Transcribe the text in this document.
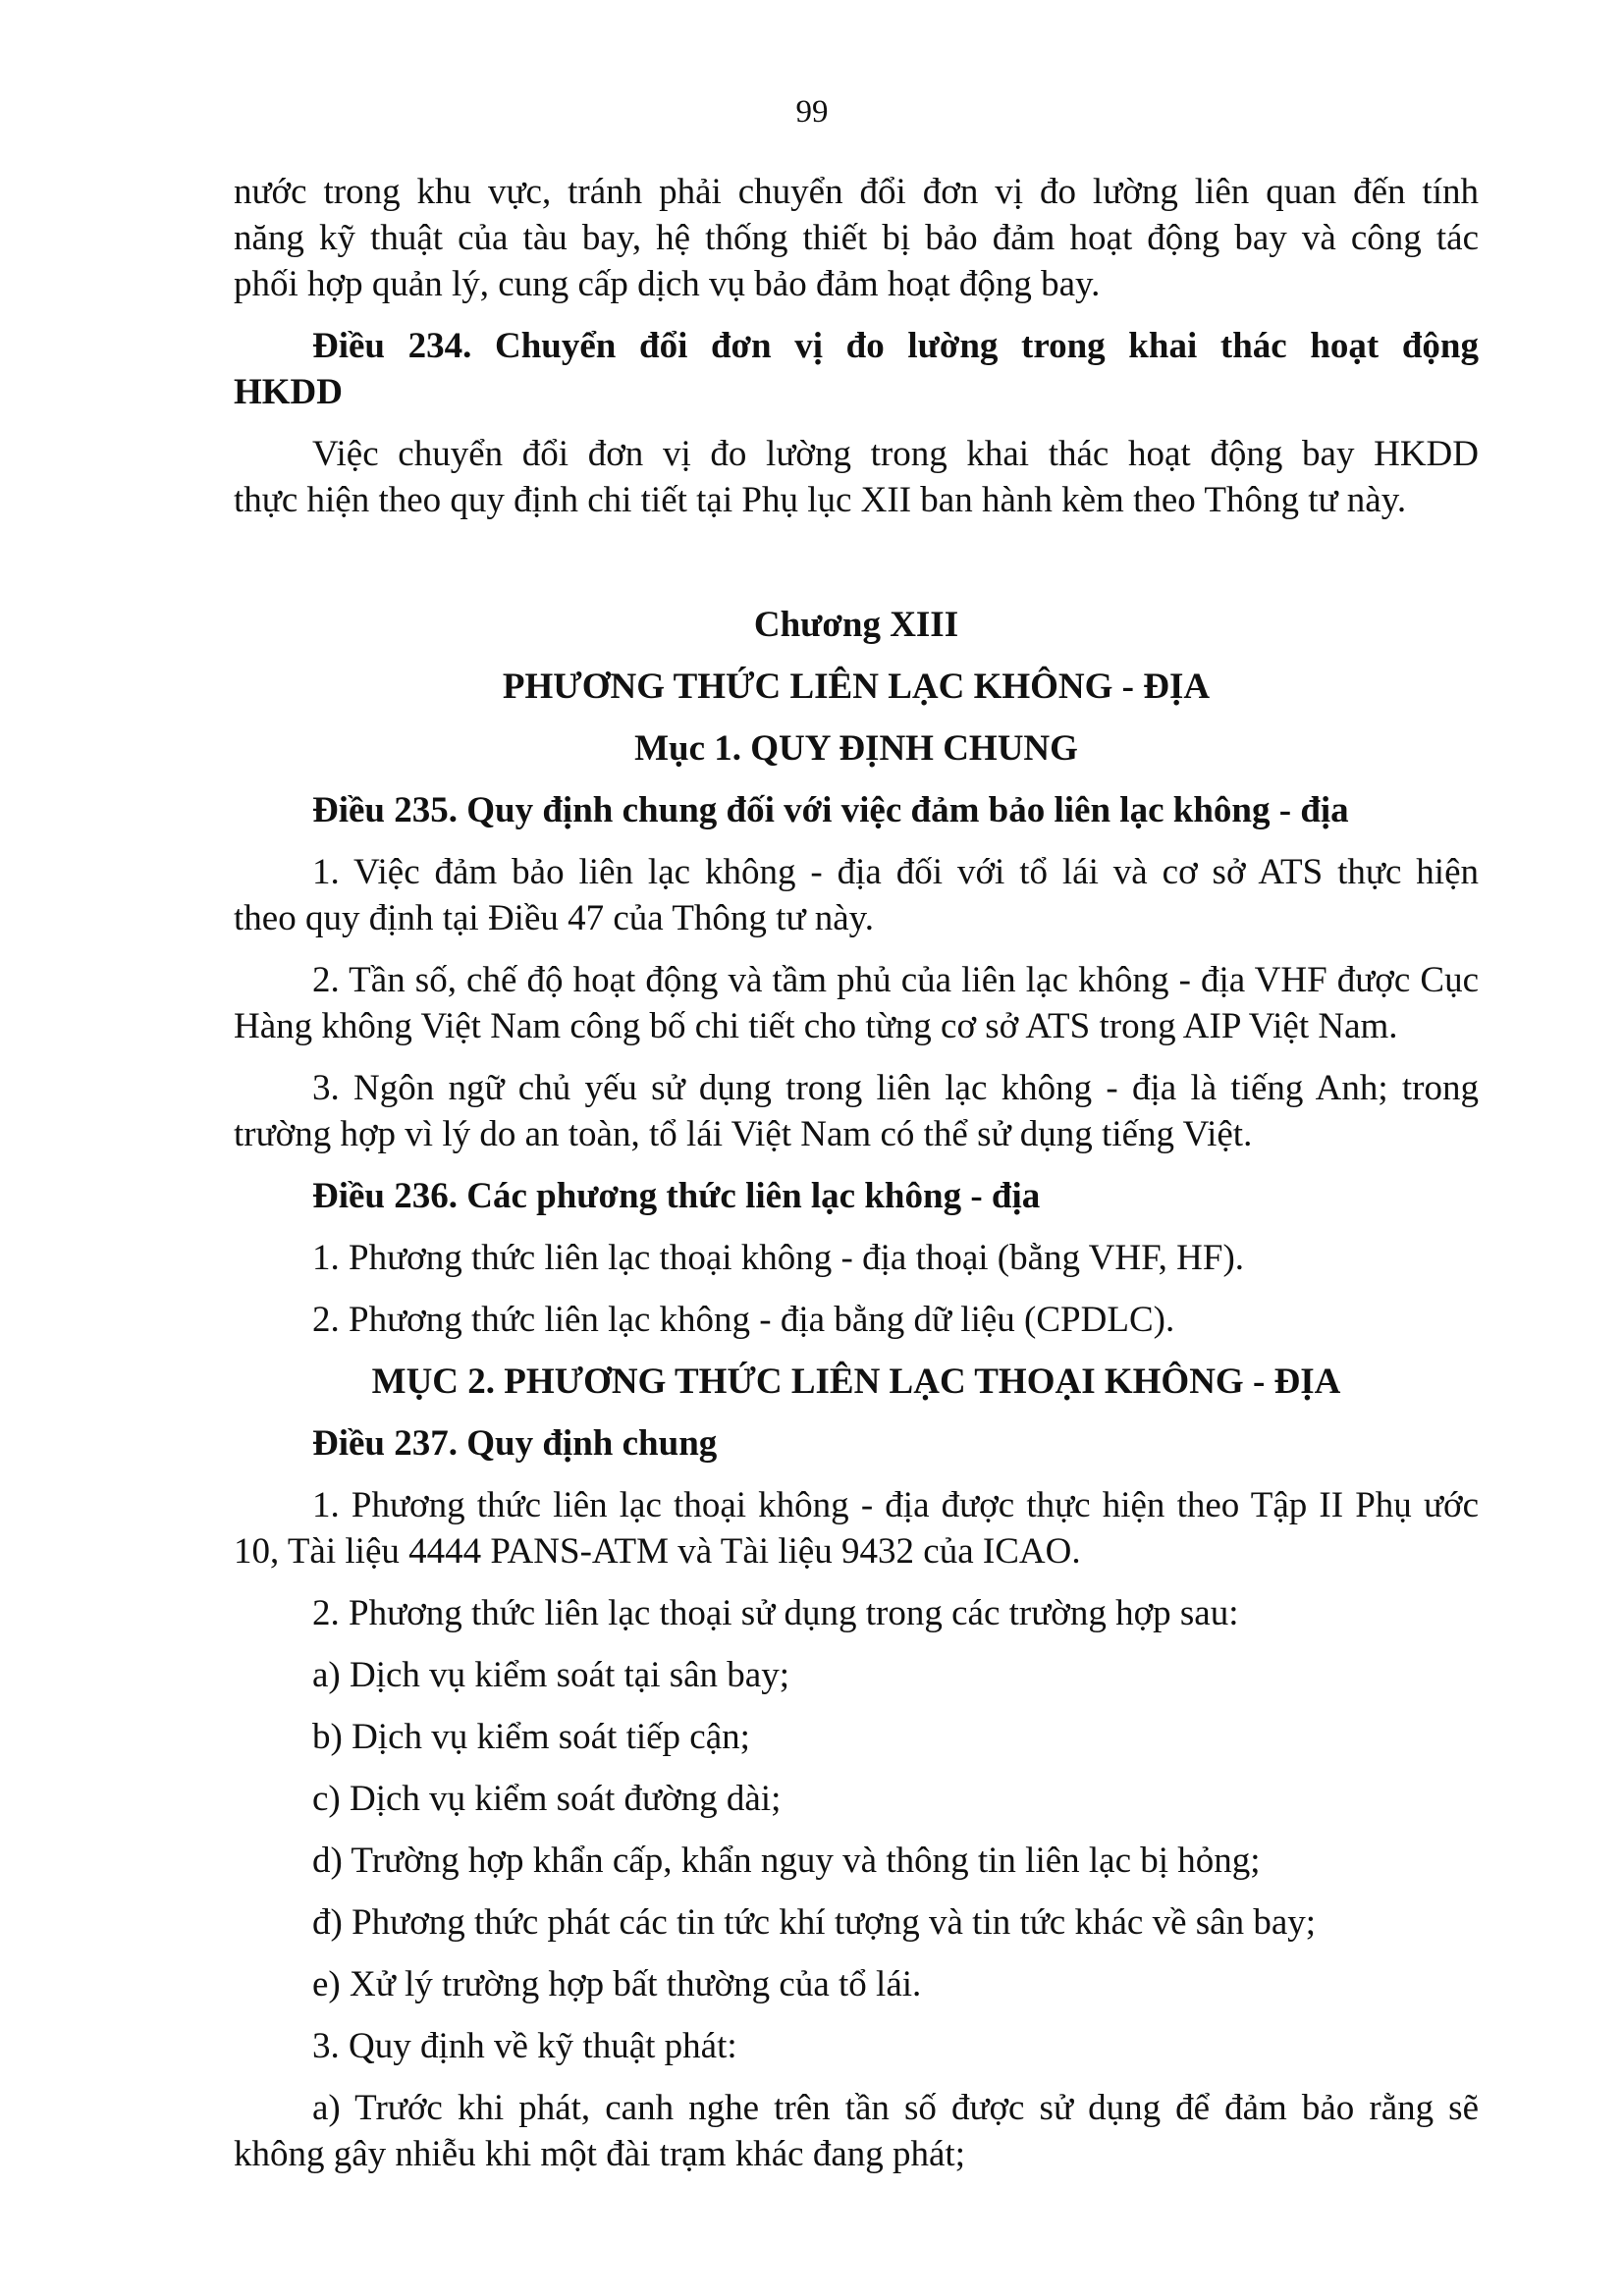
99

nước trong khu vực, tránh phải chuyển đổi đơn vị đo lường liên quan đến tính

năng kỹ thuật của tàu bay, hệ thống thiết bị bảo đảm hoạt động bay và công tác

phối hợp quản lý, cung cấp dịch vụ bảo đảm hoạt động bay.

Điều 234. Chuyển đổi đơn vị đo lường trong khai thác hoạt động

HKDD

Việc chuyển đổi đơn vị đo lường trong khai thác hoạt động bay HKDD

thực hiện theo quy định chi tiết tại Phụ lục XII ban hành kèm theo Thông tư này.

Chương XIII

PHƯƠNG THỨC LIÊN LẠC KHÔNG - ĐỊA

Mục 1. QUY ĐỊNH CHUNG

Điều 235. Quy định chung đối với việc đảm bảo liên lạc không - địa

1. Việc đảm bảo liên lạc không - địa đối với tổ lái và cơ sở ATS thực hiện

theo quy định tại Điều 47 của Thông tư này.

2. Tần số, chế độ hoạt động và tầm phủ của liên lạc không - địa VHF được Cục

Hàng không Việt Nam công bố chi tiết cho từng cơ sở ATS trong AIP Việt Nam.

3. Ngôn ngữ chủ yếu sử dụng trong liên lạc không - địa là tiếng Anh; trong

trường hợp vì lý do an toàn, tổ lái Việt Nam có thể sử dụng tiếng Việt.

Điều 236. Các phương thức liên lạc không - địa

1. Phương thức liên lạc thoại không - địa thoại (bằng VHF, HF).

2. Phương thức liên lạc không - địa bằng dữ liệu (CPDLC).

MỤC 2. PHƯƠNG THỨC LIÊN LẠC THOẠI KHÔNG - ĐỊA

Điều 237. Quy định chung

1. Phương thức liên lạc thoại không - địa được thực hiện theo Tập II Phụ ước

10, Tài liệu 4444 PANS-ATM và Tài liệu 9432 của ICAO.

2. Phương thức liên lạc thoại sử dụng trong các trường hợp sau:

a) Dịch vụ kiểm soát tại sân bay;

b) Dịch vụ kiểm soát tiếp cận;

c) Dịch vụ kiểm soát đường dài;

d) Trường hợp khẩn cấp, khẩn nguy và thông tin liên lạc bị hỏng;

đ) Phương thức phát các tin tức khí tượng và tin tức khác về sân bay;

e) Xử lý trường hợp bất thường của tổ lái.

3. Quy định về kỹ thuật phát:

a) Trước khi phát, canh nghe trên tần số được sử dụng để đảm bảo rằng sẽ

không gây nhiễu khi một đài trạm khác đang phát;
